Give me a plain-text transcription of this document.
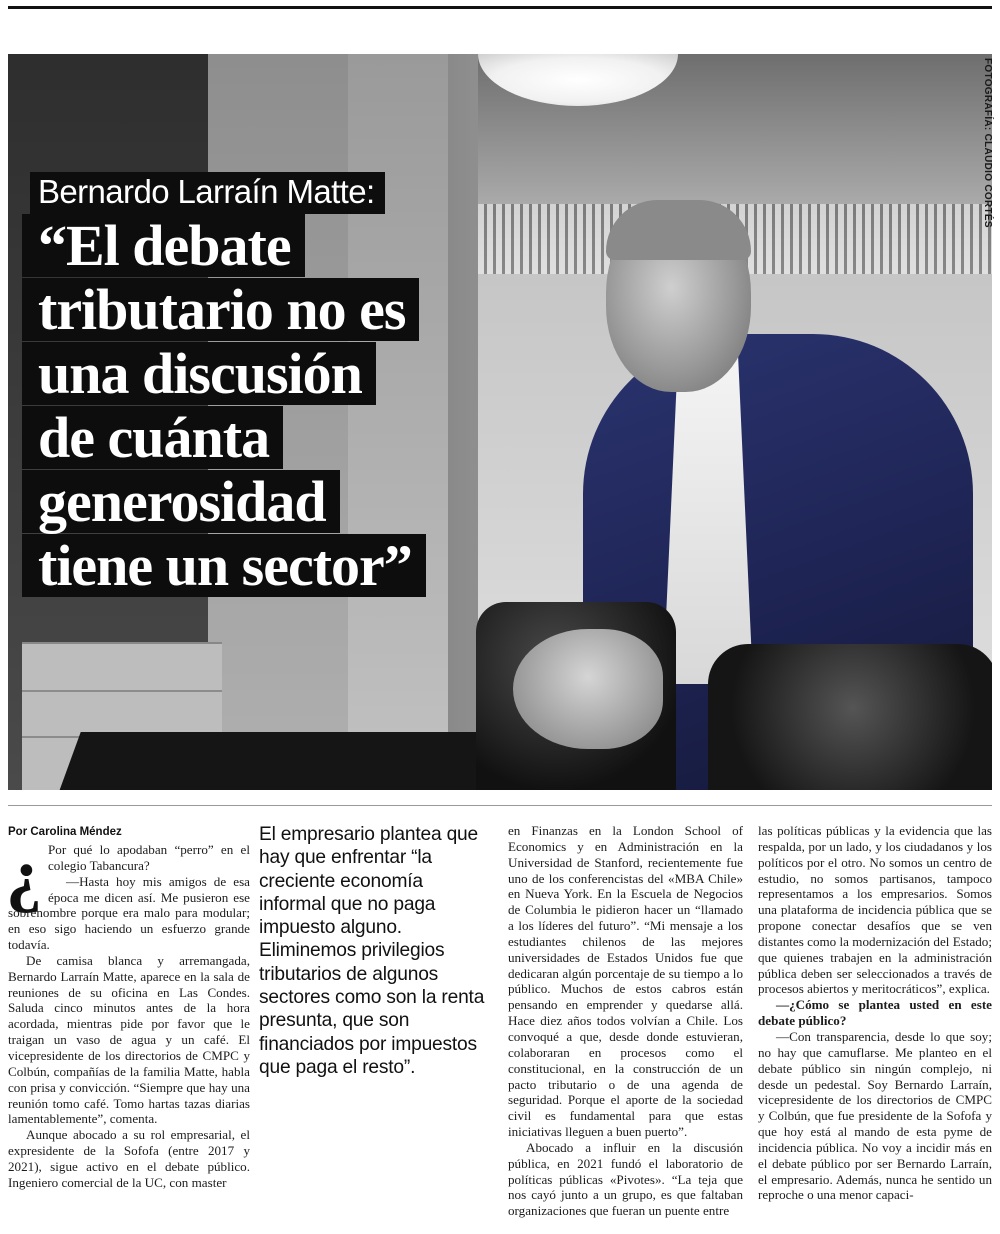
FOTOGRAFÍA: CLAUDIO CORTÉS
Bernardo Larraín Matte:
“El debate
tributario no es
una discusión
de cuánta
generosidad
tiene un sector”
Por Carolina Méndez
¿ Por qué lo apodaban “perro” en el colegio Tabancura?

—Hasta hoy mis amigos de esa época me dicen así. Me pusieron ese sobrenombre porque era malo para modular; en eso sigo haciendo un esfuerzo grande todavía.

De camisa blanca y arremangada, Bernardo Larraín Matte, aparece en la sala de reuniones de su oficina en Las Condes. Saluda cinco minutos antes de la hora acordada, mientras pide por favor que le traigan un vaso de agua y un café. El vicepresidente de los directorios de CMPC y Colbún, compañías de la familia Matte, habla con prisa y convicción. “Siempre que hay una reunión tomo café. Tomo hartas tazas diarias lamentablemente”, comenta.

Aunque abocado a su rol empresarial, el expresidente de la Sofofa (entre 2017 y 2021), sigue activo en el debate público. Ingeniero comercial de la UC, con master

El empresario plantea que hay que enfrentar “la creciente economía informal que no paga impuesto alguno. Eliminemos privilegios tributarios de algunos sectores como son la renta presunta, que son financiados por impuestos que paga el resto”.

en Finanzas en la London School of Economics y en Administración en la Universidad de Stanford, recientemente fue uno de los conferencistas del «MBA Chile» en Nueva York. En la Escuela de Negocios de Columbia le pidieron hacer un “llamado a los líderes del futuro”. “Mi mensaje a los estudiantes chilenos de las mejores universidades de Estados Unidos fue que dedicaran algún porcentaje de su tiempo a lo público. Muchos de estos cabros están pensando en emprender y quedarse allá. Hace diez años todos volvían a Chile. Los convoqué a que, desde donde estuvieran, colaboraran en procesos como el constitucional, en la construcción de un pacto tributario o de una agenda de seguridad. Porque el aporte de la sociedad civil es fundamental para que estas iniciativas lleguen a buen puerto”.

Abocado a influir en la discusión pública, en 2021 fundó el laboratorio de políticas públicas «Pivotes». “La teja que nos cayó junto a un grupo, es que faltaban organizaciones que fueran un puente entre

las políticas públicas y la evidencia que las respalda, por un lado, y los ciudadanos y los políticos por el otro. No somos un centro de estudio, no somos partisanos, tampoco representamos a los empresarios. Somos una plataforma de incidencia pública que se propone conectar desafíos que se ven distantes como la modernización del Estado; que quienes trabajen en la administración pública deben ser seleccionados a través de procesos abiertos y meritocráticos”, explica.

—¿Cómo se plantea usted en este debate público?

—Con transparencia, desde lo que soy; no hay que camuflarse. Me planteo en el debate público sin ningún complejo, ni desde un pedestal. Soy Bernardo Larraín, vicepresidente de los directorios de CMPC y Colbún, que fue presidente de la Sofofa y que hoy está al mando de esta pyme de incidencia pública. No voy a incidir más en el debate público por ser Bernardo Larraín, el empresario. Además, nunca he sentido un reproche o una menor capaci-
